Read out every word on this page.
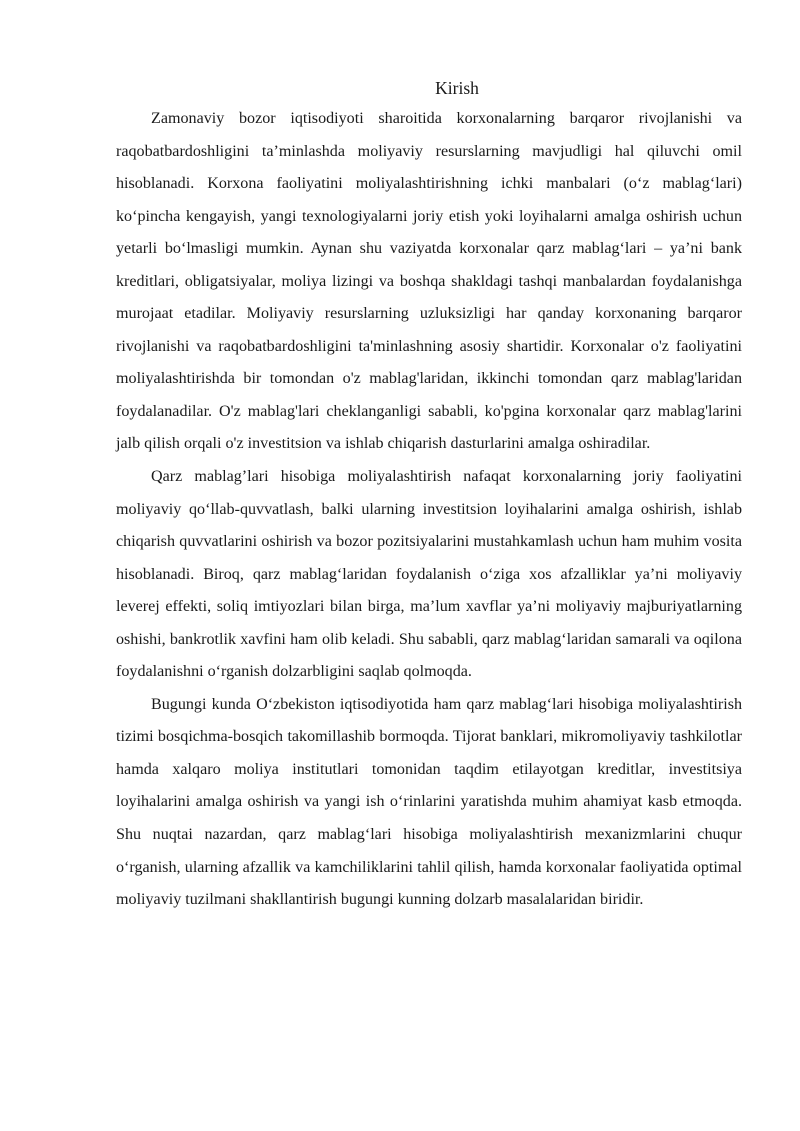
Kirish

Zamonaviy bozor iqtisodiyoti sharoitida korxonalarning barqaror rivojlanishi va raqobatbardoshligini ta’minlashda moliyaviy resurslarning mavjudligi hal qiluvchi omil hisoblanadi. Korxona faoliyatini moliyalashtirishning ichki manbalari (o‘z mablag‘lari) ko‘pincha kengayish, yangi texnologiyalarni joriy etish yoki loyihalarni amalga oshirish uchun yetarli bo‘lmasligi mumkin. Aynan shu vaziyatda korxonalar qarz mablag‘lari – ya’ni bank kreditlari, obligatsiyalar, moliya lizingi va boshqa shakldagi tashqi manbalardan foydalanishga murojaat etadilar. Moliyaviy resurslarning uzluksizligi har qanday korxonaning barqaror rivojlanishi va raqobatbardoshligini ta'minlashning asosiy shartidir. Korxonalar o'z faoliyatini moliyalashtirishda bir tomondan o'z mablag'laridan, ikkinchi tomondan qarz mablag'laridan foydalanadilar. O'z mablag'lari cheklanganligi sababli, ko'pgina korxonalar qarz mablag'larini jalb qilish orqali o'z investitsion va ishlab chiqarish dasturlarini amalga oshiradilar.

Qarz mablag’lari hisobiga moliyalashtirish nafaqat korxonalarning joriy faoliyatini moliyaviy qo‘llab-quvvatlash, balki ularning investitsion loyihalarini amalga oshirish, ishlab chiqarish quvvatlarini oshirish va bozor pozitsiyalarini mustahkamlash uchun ham muhim vosita hisoblanadi. Biroq, qarz mablag‘laridan foydalanish o‘ziga xos afzalliklar ya’ni moliyaviy leverej effekti, soliq imtiyozlari bilan birga, ma’lum xavflar ya’ni moliyaviy majburiyatlarning oshishi, bankrotlik xavfini ham olib keladi. Shu sababli, qarz mablag‘laridan samarali va oqilona foydalanishni o‘rganish dolzarbligini saqlab qolmoqda.

Bugungi kunda O‘zbekiston iqtisodiyotida ham qarz mablag‘lari hisobiga moliyalashtirish tizimi bosqichma-bosqich takomillashib bormoqda. Tijorat banklari, mikromoliyaviy tashkilotlar hamda xalqaro moliya institutlari tomonidan taqdim etilayotgan kreditlar, investitsiya loyihalarini amalga oshirish va yangi ish o‘rinlarini yaratishda muhim ahamiyat kasb etmoqda. Shu nuqtai nazardan, qarz mablag‘lari hisobiga moliyalashtirish mexanizmlarini chuqur o‘rganish, ularning afzallik va kamchiliklarini tahlil qilish, hamda korxonalar faoliyatida optimal moliyaviy tuzilmani shakllantirish bugungi kunning dolzarb masalalaridan biridir.
